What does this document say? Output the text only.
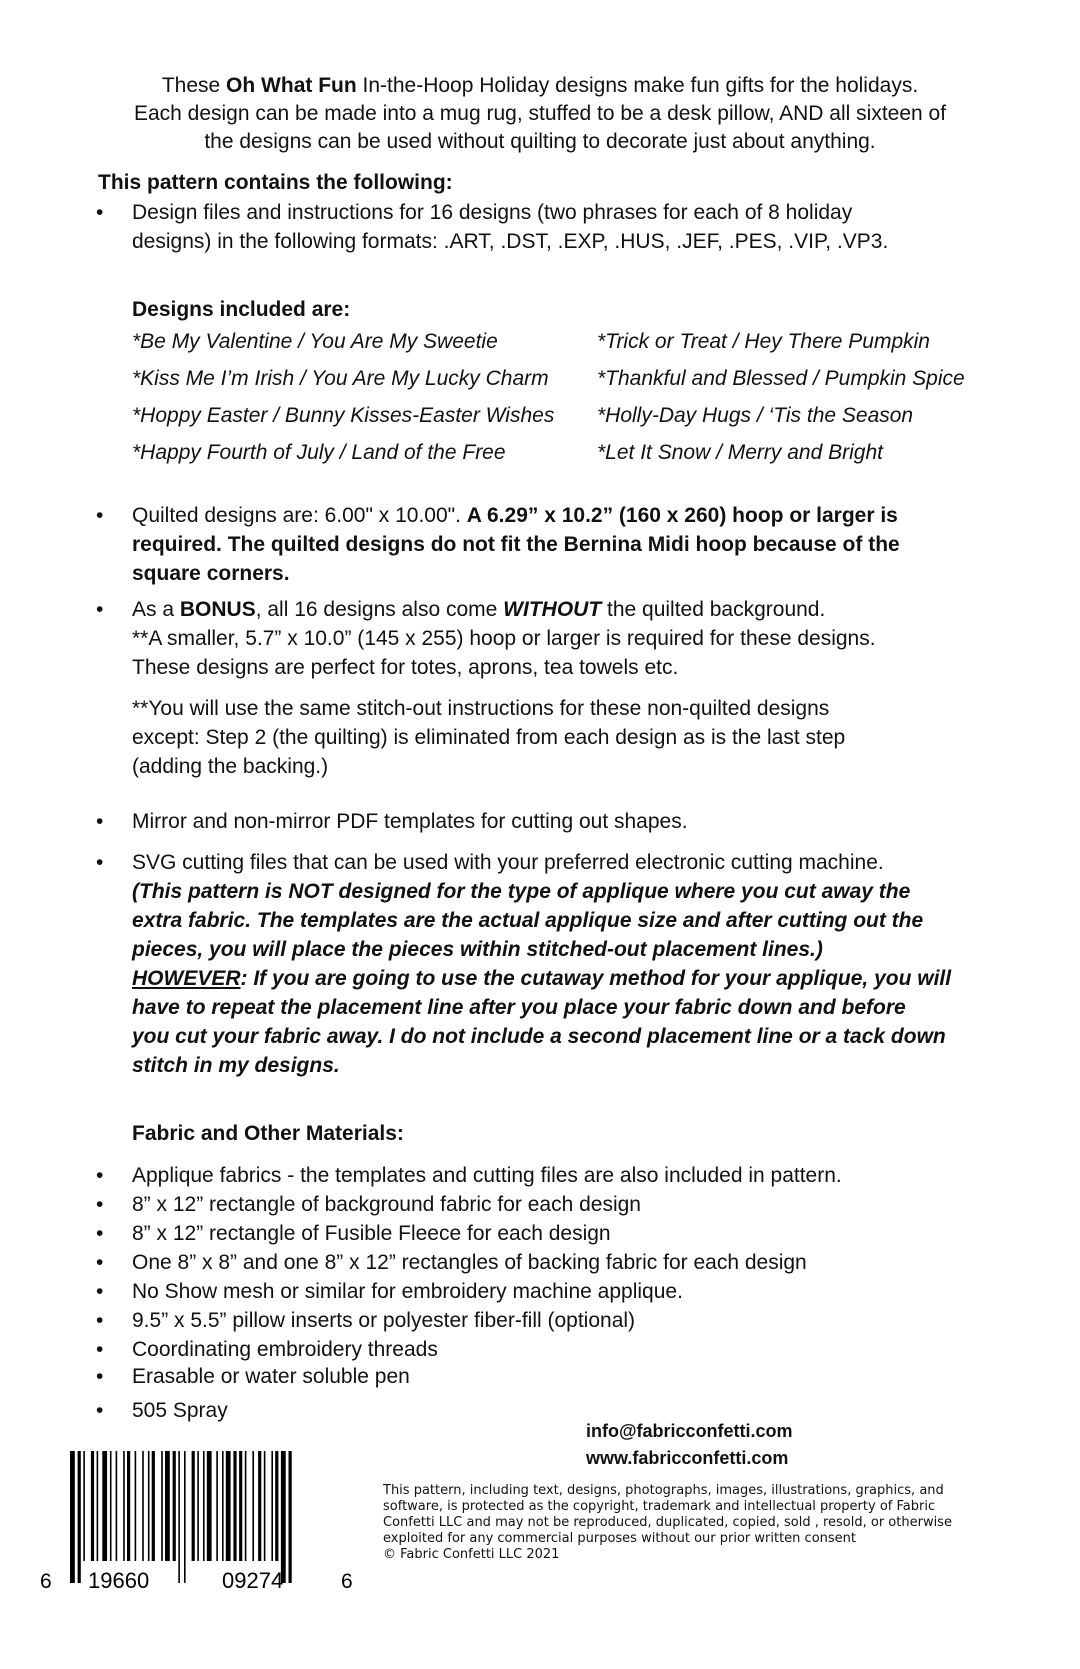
These Oh What Fun In-the-Hoop Holiday designs make fun gifts for the holidays.

Each design can be made into a mug rug, stuffed to be a desk pillow, AND all sixteen of

the designs can be used without quilting to decorate just about anything.

This pattern contains the following:
• Design files and instructions for 16 designs (two phrases for each of 8 holiday

designs) in the following formats: .ART, .DST, .EXP, .HUS, .JEF, .PES, .VIP, .VP3.

Designs included are:
*Be My Valentine / You Are My Sweetie	*Trick or Treat / Hey There Pumpkin
*Kiss Me I’m Irish / You Are My Lucky Charm *Thankful and Blessed / Pumpkin Spice
*Hoppy Easter / Bunny Kisses-Easter Wishes *Holly-Day Hugs / ‘Tis the Season
*Happy Fourth of July / Land of the Free	*Let It Snow / Merry and Bright
• Quilted designs are: 6.00" x 10.00". A 6.29” x 10.2” (160 x 260) hoop or larger is

required. The quilted designs do not fit the Bernina Midi hoop because of the

square corners.

• As a BONUS, all 16 designs also come WITHOUT the quilted background.

**A smaller, 5.7” x 10.0” (145 x 255) hoop or larger is required for these designs.

These designs are perfect for totes, aprons, tea towels etc.

**You will use the same stitch-out instructions for these non-quilted designs

except: Step 2 (the quilting) is eliminated from each design as is the last step

(adding the backing.)

• Mirror and non-mirror PDF templates for cutting out shapes.

• SVG cutting files that can be used with your preferred electronic cutting machine.

(This pattern is NOT designed for the type of applique where you cut away the

extra fabric. The templates are the actual applique size and after cutting out the

pieces, you will place the pieces within stitched-out placement lines.)

HOWEVER: If you are going to use the cutaway method for your applique, you will

have to repeat the placement line after you place your fabric down and before

you cut your fabric away. I do not include a second placement line or a tack down

stitch in my designs.

Fabric and Other Materials:
• Applique fabrics - the templates and cutting files are also included in pattern.
• 8” x 12” rectangle of background fabric for each design
• 8” x 12” rectangle of Fusible Fleece for each design
• One 8” x 8” and one 8” x 12” rectangles of backing fabric for each design
• No Show mesh or similar for embroidery machine applique.
• 9.5” x 5.5” pillow inserts or polyester fiber-fill (optional)
• Coordinating embroidery threads
• Erasable or water soluble pen
• 505 Spray
info@fabricconfetti.com
www.fabricconfetti.com
6 19660	09274	6

This pattern, including text, designs, photographs, images, illustrations, graphics, and

software, is protected as the copyright, trademark and intellectual property of Fabric

Confetti LLC and may not be reproduced, duplicated, copied, sold , resold, or otherwise

exploited for any commercial purposes without our prior written consent

© Fabric Confetti LLC 2021
